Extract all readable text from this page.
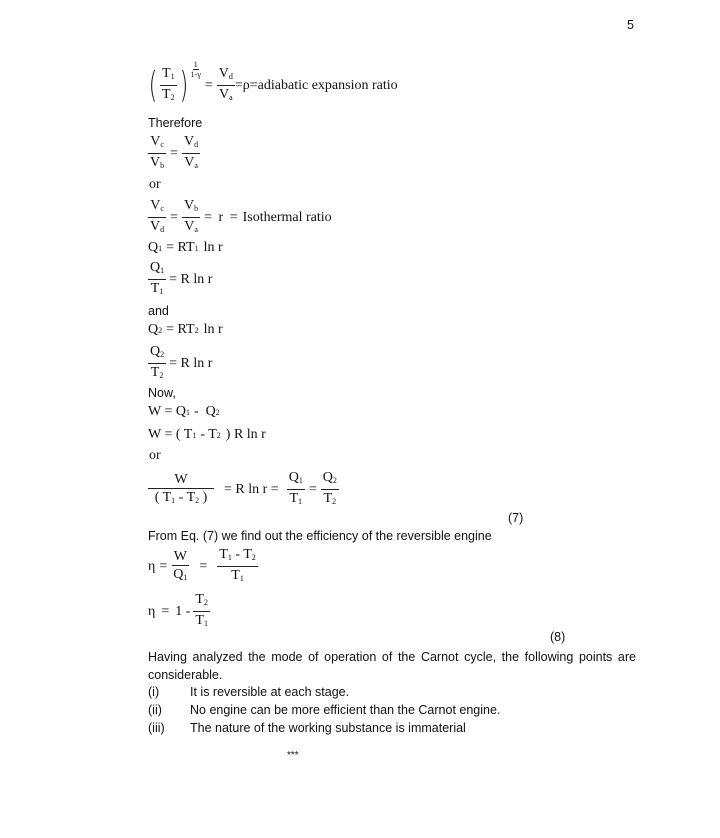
5
( $\frac{T_1}{T_2}$ ) $\frac{1}{1-\gamma}$
= $\frac{V_d}{V_a}$ =ρ=adiabatic expansion ratio
Therefore
$\frac{V_c}{V_b} = \frac{V_d}{V_a}$
or
$\frac{V_c}{V_d} = \frac{V_b}{V_a} = r$ = Isothermal ratio
Q 1 = RT 1 ln r
$\frac{Q_1}{T_1} = R$ ln r
and
Q 2 = RT 2 ln r
$\frac{Q_2}{T_2} = R$ ln r
Now,
W = Q 1 -  Q 2
W = ( T 1 - T 2 ) R ln r
or
$\frac{W}{( T_1 - T_2 )} = R$ $\ln r = \frac{Q_1}{T_1} = \frac{Q_2}{T_2}$
(7)
From Eq. (7) we find out the efficiency of the reversible engine
$\eta = \frac{W}{Q_1} = \frac{T_1 - T_2}{T_1}$
$\eta = 1 - \frac{T_2}{T_1}$
(8)
Having analyzed the mode of operation of the Carnot cycle, the following points are
considerable.
(i) It is reversible at each stage.
(ii) No engine can be more efficient than the Carnot engine.
(iii) The nature of the working substance is immaterial
***
